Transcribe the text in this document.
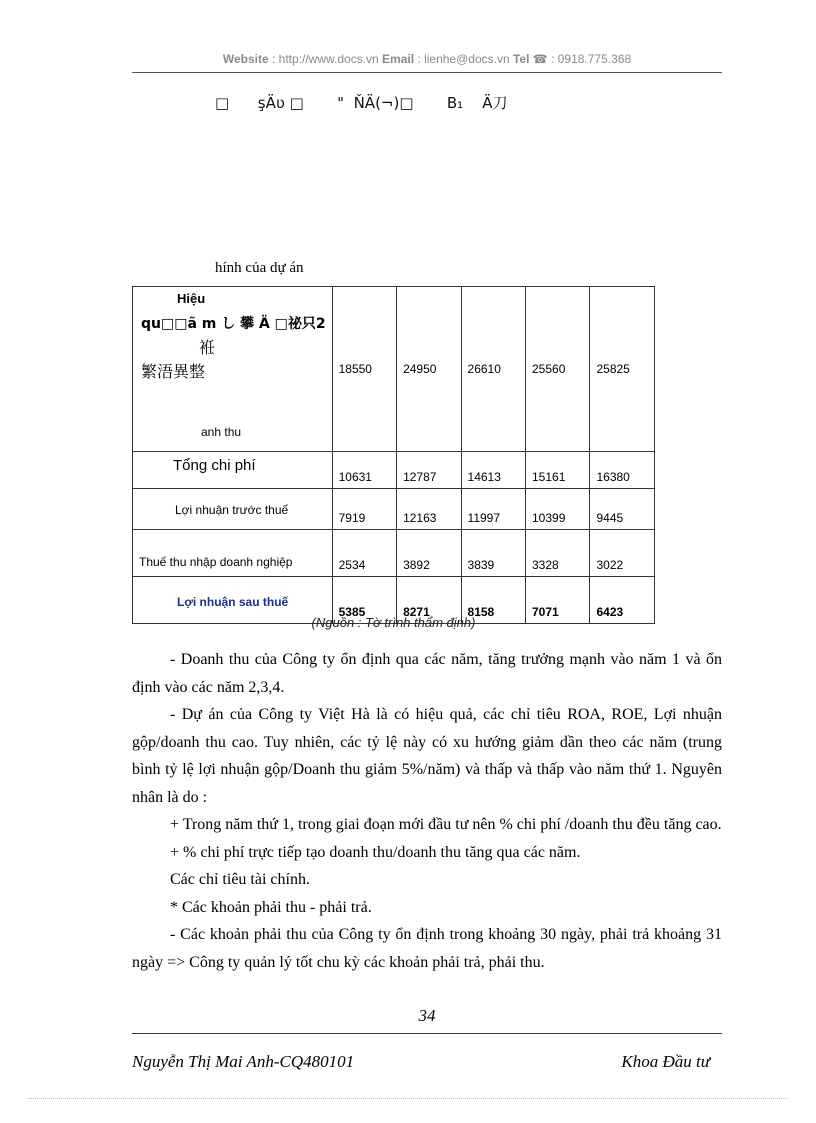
Website : http://www.docs.vn Email : lienhe@docs.vn Tel ☎ : 0918.775.368
□      şÄʋ □       "  ŇÄ(¬)□       B₁    Ä刀
hính của dự án
Hiệu
qu□□ã m し 攀 Ä □祕只2
袵
繁浯異整
anh thu	18550	24950	26610	25560	25825
Tổng chi phí	10631	12787	14613	15161	16380
Lợi nhuận trước thuế	7919	12163	11997	10399	9445
Thuế thu nhập doanh nghiệp	2534	3892	3839	3328	3022
Lợi nhuận sau thuế	5385	8271	8158	7071	6423
(Nguồn : Tờ trình thẩm định)

- Doanh thu của Công ty ổn định qua các năm, tăng trưởng mạnh vào năm 1 và ổn định vào các năm 2,3,4.

- Dự án của Công ty Việt Hà là có hiệu quả, các chỉ tiêu ROA, ROE, Lợi nhuận gộp/doanh thu cao. Tuy nhiên, các tỷ lệ này có xu hướng giảm dần theo các năm (trung bình tỷ lệ lợi nhuận gộp/Doanh thu giảm 5%/năm) và thấp và thấp vào năm thứ 1. Nguyên nhân là do :

+ Trong năm thứ 1, trong giai đoạn mới đầu tư nên % chi phí /doanh thu đều tăng cao.

+ % chi phí trực tiếp tạo doanh thu/doanh thu tăng qua các năm.

Các chỉ tiêu tài chính.

* Các khoản phải thu - phải trả.

- Các khoản phải thu của Công ty ổn định trong khoảng 30 ngày, phải trả khoảng 31 ngày => Công ty quản lý tốt chu kỳ các khoản phải trả, phải thu.

34
Nguyễn Thị Mai Anh-CQ480101	Khoa Đầu tư
